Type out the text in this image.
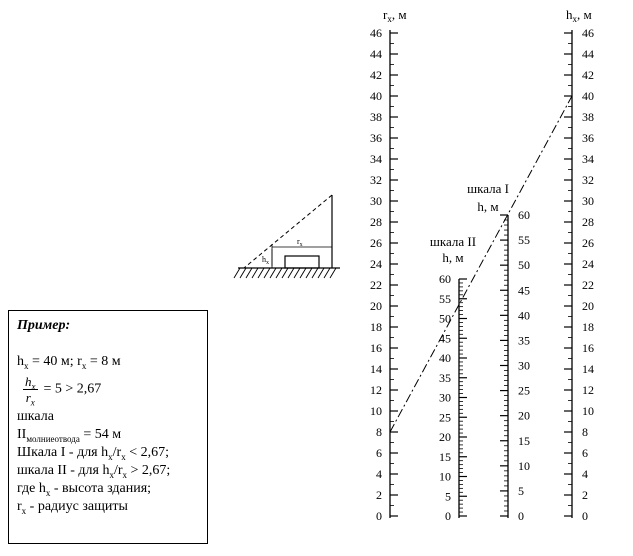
$r_x$, м
0
2
4
6
8
10
12
14
16
18
20
22
24
26
28
30
32
34
36
38
40
42
44
46
$h_x$, м
0
2
4
6
8
10
12
14
16
18
20
22
24
26
28
30
32
34
36
38
40
42
44
46
шкала I
h, м
0
5
10
15
20
25
30
35
40
45
50
55
60
шкала II
h, м
0
5
10
15
20
25
30
35
40
45
50
55
60
$r_x$
$h_x$
Пример:
$h_x = 40$ м; $r_x = 8$ м
$\frac{h_x}{r_x} = 5 > 2,67$
шкала
$II_{молниеотвода} = 54$ м
Шкала I - для $h_x/r_x < 2,67$;
шкала II - для $h_x/r_x > 2,67$;
где $h_x$ - высота здания;
$r_x$ - радиус защиты
